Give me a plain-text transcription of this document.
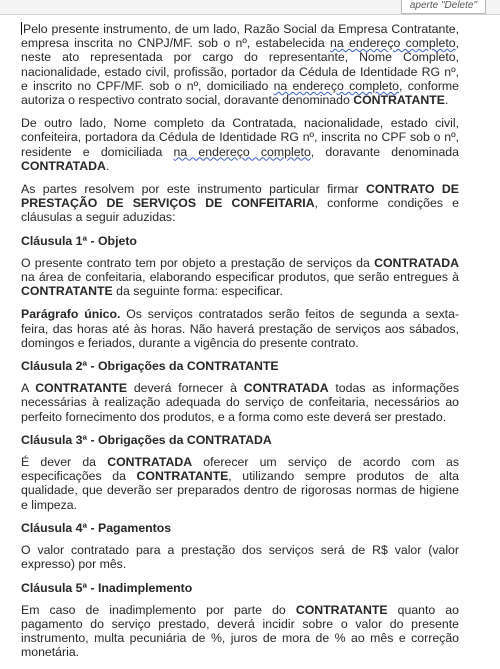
aperte "Delete"

Pelo presente instrumento, de um lado, Razão Social da Empresa Contratante, empresa inscrita no CNPJ/MF. sob o nº, estabelecida na endereço completo, neste ato representada por cargo do representante, Nome Completo, nacionalidade, estado civil, profissão, portador da Cédula de Identidade RG nº, e inscrito no CPF/MF. sob o nº, domiciliado na endereço completo, conforme autoriza o respectivo contrato social, doravante denominado CONTRATANTE.

De outro lado, Nome completo da Contratada, nacionalidade, estado civil, confeiteira, portadora da Cédula de Identidade RG nº, inscrita no CPF sob o nº, residente e domiciliada na endereço completo, doravante denominada CONTRATADA.

As partes resolvem por este instrumento particular firmar CONTRATO DE PRESTAÇÃO DE SERVIÇOS DE CONFEITARIA, conforme condições e cláusulas a seguir aduzidas:

Cláusula 1ª - Objeto

O presente contrato tem por objeto a prestação de serviços da CONTRATADA na área de confeitaria, elaborando especificar produtos, que serão entregues à CONTRATANTE da seguinte forma: especificar.

Parágrafo único. Os serviços contratados serão feitos de segunda a sexta-feira, das horas até às horas. Não haverá prestação de serviços aos sábados, domingos e feriados, durante a vigência do presente contrato.

Cláusula 2ª - Obrigações da CONTRATANTE

A CONTRATANTE deverá fornecer à CONTRATADA todas as informações necessárias à realização adequada do serviço de confeitaria, necessários ao perfeito fornecimento dos produtos, e a forma como este deverá ser prestado.

Cláusula 3ª - Obrigações da CONTRATADA

É dever da CONTRATADA oferecer um serviço de acordo com as especificações da CONTRATANTE, utilizando sempre produtos de alta qualidade, que deverão ser preparados dentro de rigorosas normas de higiene e limpeza.

Cláusula 4ª - Pagamentos

O valor contratado para a prestação dos serviços será de R$ valor (valor expresso) por mês.

Cláusula 5ª - Inadimplemento

Em caso de inadimplemento por parte do CONTRATANTE quanto ao pagamento do serviço prestado, deverá incidir sobre o valor do presente instrumento, multa pecuniária de %, juros de mora de % ao mês e correção monetária.
